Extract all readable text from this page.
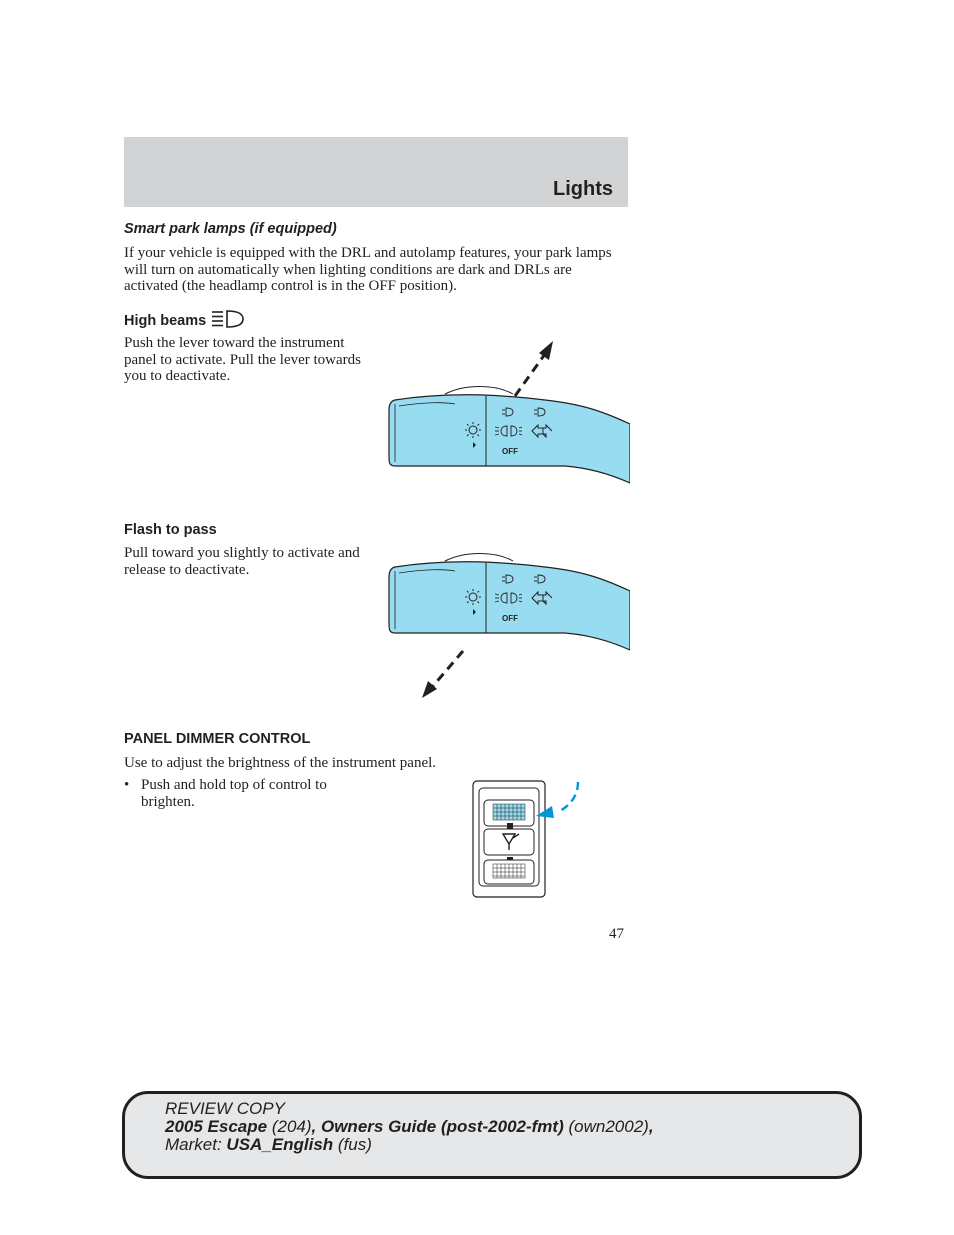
Lights
Smart park lamps (if equipped)
If your vehicle is equipped with the DRL and autolamp features, your park lamps will turn on automatically when lighting conditions are dark and DRLs are activated (the headlamp control is in the OFF position).
High beams
Push the lever toward the instrument panel to activate. Pull the lever towards you to deactivate.
OFF
Flash to pass
Pull toward you slightly to activate and release to deactivate.
OFF
PANEL DIMMER CONTROL
Use to adjust the brightness of the instrument panel.
• Push and hold top of control to brighten.
47
REVIEW COPY
2005 Escape (204), Owners Guide (post-2002-fmt) (own2002),
Market: USA_English (fus)
